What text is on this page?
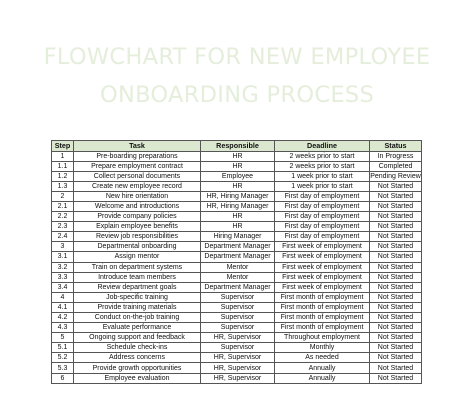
FLOWCHART FOR NEW EMPLOYEE
ONBOARDING PROCESS
Step	Task	Responsible	Deadline	Status
1	Pre-boarding preparations	HR	2 weeks prior to start	In Progress
1.1	Prepare employment contract	HR	2 weeks prior to start	Completed
1.2	Collect personal documents	Employee	1 week prior to start	Pending Review
1.3	Create new employee record	HR	1 week prior to start	Not Started
2	New hire orientation	HR, Hiring Manager	First day of employment	Not Started
2.1	Welcome and introductions	HR, Hiring Manager	First day of employment	Not Started
2.2	Provide company policies	HR	First day of employment	Not Started
2.3	Explain employee benefits	HR	First day of employment	Not Started
2.4	Review job responsibilities	Hiring Manager	First day of employment	Not Started
3	Departmental onboarding	Department Manager	First week of employment	Not Started
3.1	Assign mentor	Department Manager	First week of employment	Not Started
3.2	Train on department systems	Mentor	First week of employment	Not Started
3.3	Introduce team members	Mentor	First week of employment	Not Started
3.4	Review department goals	Department Manager	First week of employment	Not Started
4	Job-specific training	Supervisor	First month of employment	Not Started
4.1	Provide training materials	Supervisor	First month of employment	Not Started
4.2	Conduct on-the-job training	Supervisor	First month of employment	Not Started
4.3	Evaluate performance	Supervisor	First month of employment	Not Started
5	Ongoing support and feedback	HR, Supervisor	Throughout employment	Not Started
5.1	Schedule check-ins	Supervisor	Monthly	Not Started
5.2	Address concerns	HR, Supervisor	As needed	Not Started
5.3	Provide growth opportunities	HR, Supervisor	Annually	Not Started
6	Employee evaluation	HR, Supervisor	Annually	Not Started
